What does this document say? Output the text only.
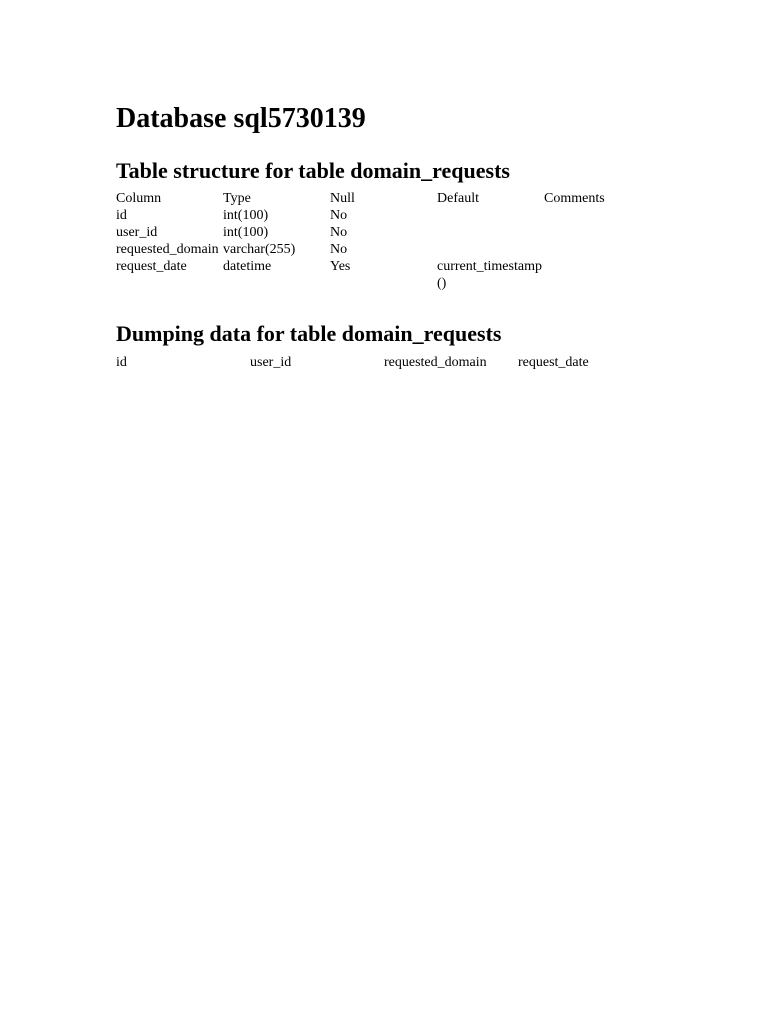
Database sql5730139
Table structure for table domain_requests
Column	Type	Null	Default	Comments
id	int(100)	No		
user_id	int(100)	No		
requested_domain	varchar(255)	No		
request_date	datetime	Yes	current_timestamp()	
Dumping data for table domain_requests
id	user_id	requested_domain	request_date
